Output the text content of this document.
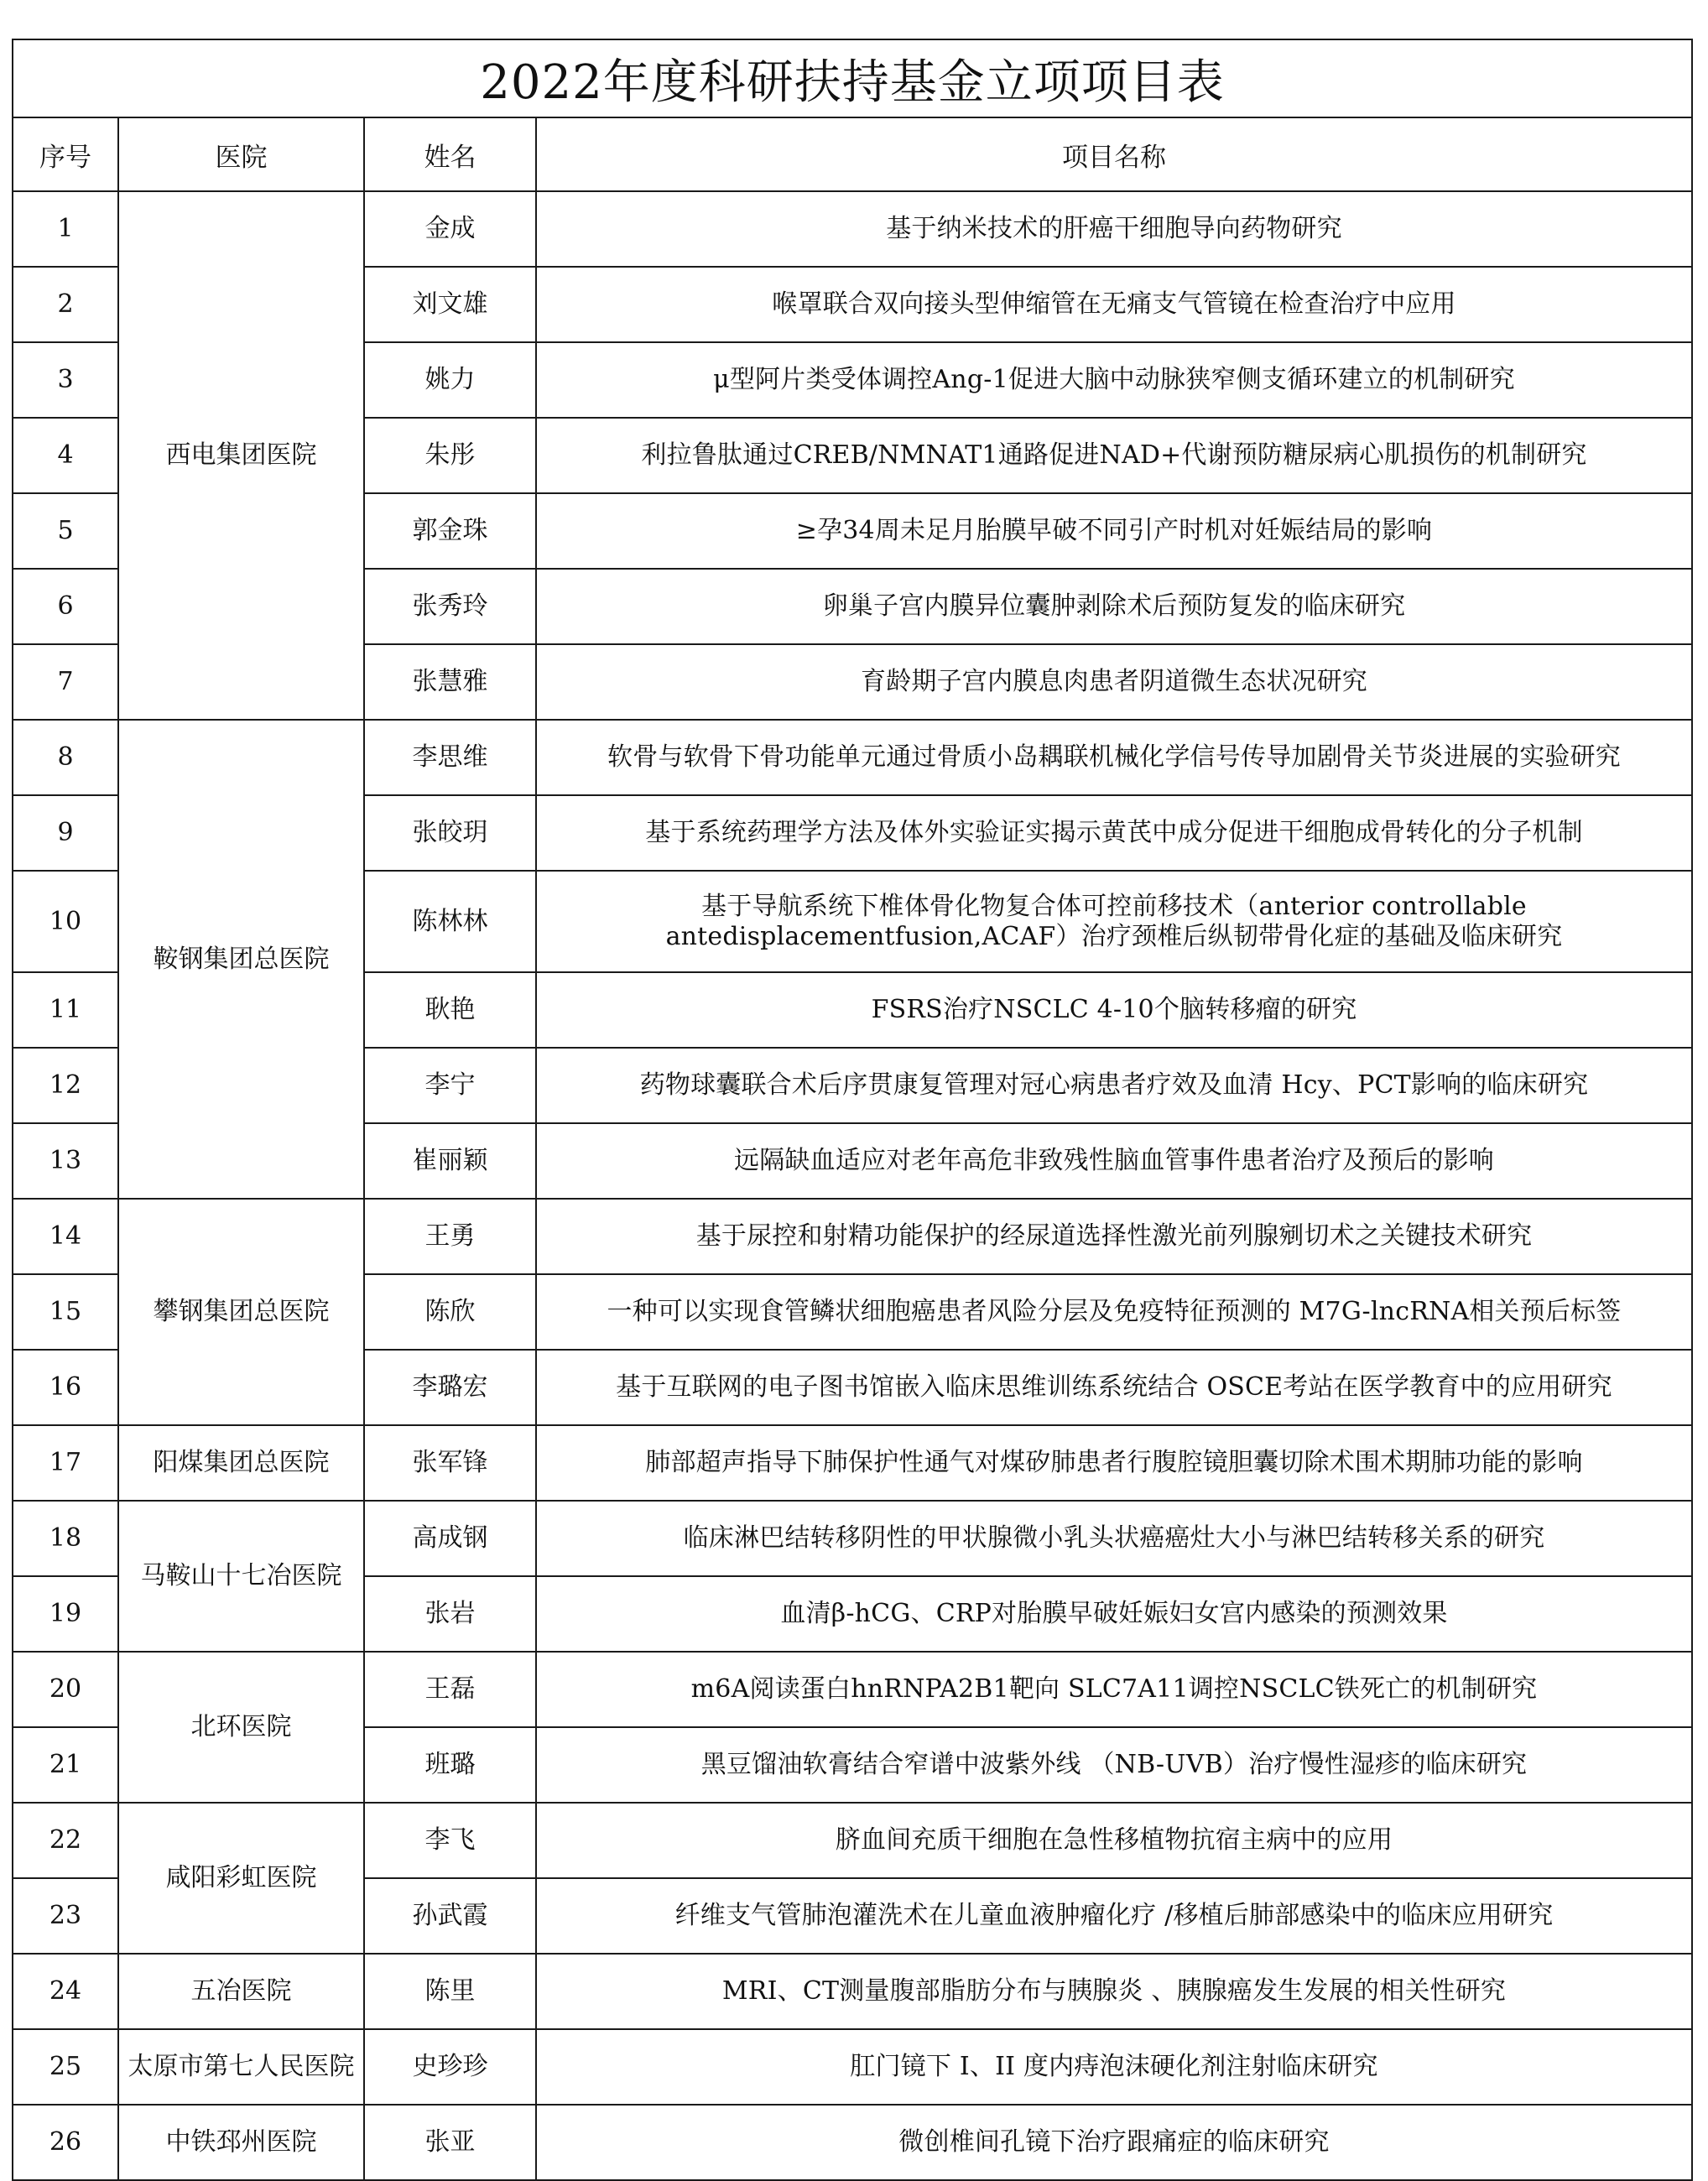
2022年度科研扶持基金立项项目表			
序号	医院	姓名	项目名称
1	西电集团医院	金成	基于纳米技术的肝癌干细胞导向药物研究
2		刘文雄	喉罩联合双向接头型伸缩管在无痛支气管镜在检查治疗中应用
3		姚力	μ型阿片类受体调控Ang-1促进大脑中动脉狭窄侧支循环建立的机制研究
4		朱彤	利拉鲁肽通过CREB/NMNAT1通路促进NAD+代谢预防糖尿病心肌损伤的机制研究
5		郭金珠	≥孕34周未足月胎膜早破不同引产时机对妊娠结局的影响
6		张秀玲	卵巢子宫内膜异位囊肿剥除术后预防复发的临床研究
7		张慧雅	育龄期子宫内膜息肉患者阴道微生态状况研究
8	鞍钢集团总医院	李思维	软骨与软骨下骨功能单元通过骨质小岛耦联机械化学信号传导加剧骨关节炎进展的实验研究
9		张皎玥	基于系统药理学方法及体外实验证实揭示黄芪中成分促进干细胞成骨转化的分子机制
10		陈林林	基于导航系统下椎体骨化物复合体可控前移技术（anterior controllable antedisplacementfusion,ACAF）治疗颈椎后纵韧带骨化症的基础及临床研究
11		耿艳	FSRS治疗NSCLC 4-10个脑转移瘤的研究
12		李宁	药物球囊联合术后序贯康复管理对冠心病患者疗效及血清 Hcy、PCT影响的临床研究
13		崔丽颖	远隔缺血适应对老年高危非致残性脑血管事件患者治疗及预后的影响
14	攀钢集团总医院	王勇	基于尿控和射精功能保护的经尿道选择性激光前列腺剜切术之关键技术研究
15		陈欣	一种可以实现食管鳞状细胞癌患者风险分层及免疫特征预测的 M7G-lncRNA相关预后标签
16		李璐宏	基于互联网的电子图书馆嵌入临床思维训练系统结合 OSCE考站在医学教育中的应用研究
17	阳煤集团总医院	张军锋	肺部超声指导下肺保护性通气对煤矽肺患者行腹腔镜胆囊切除术围术期肺功能的影响
18	马鞍山十七冶医院	高成钢	临床淋巴结转移阴性的甲状腺微小乳头状癌癌灶大小与淋巴结转移关系的研究
19		张岩	血清β-hCG、CRP对胎膜早破妊娠妇女宫内感染的预测效果
20	北环医院	王磊	m6A阅读蛋白hnRNPA2B1靶向 SLC7A11调控NSCLC铁死亡的机制研究
21		班璐	黑豆馏油软膏结合窄谱中波紫外线 （NB-UVB）治疗慢性湿疹的临床研究
22	咸阳彩虹医院	李飞	脐血间充质干细胞在急性移植物抗宿主病中的应用
23		孙武霞	纤维支气管肺泡灌洗术在儿童血液肿瘤化疗 /移植后肺部感染中的临床应用研究
24	五冶医院	陈里	MRI、CT测量腹部脂肪分布与胰腺炎 、胰腺癌发生发展的相关性研究
25	太原市第七人民医院	史珍珍	肛门镜下 I、II 度内痔泡沫硬化剂注射临床研究
26	中铁邳州医院	张亚	微创椎间孔镜下治疗跟痛症的临床研究
